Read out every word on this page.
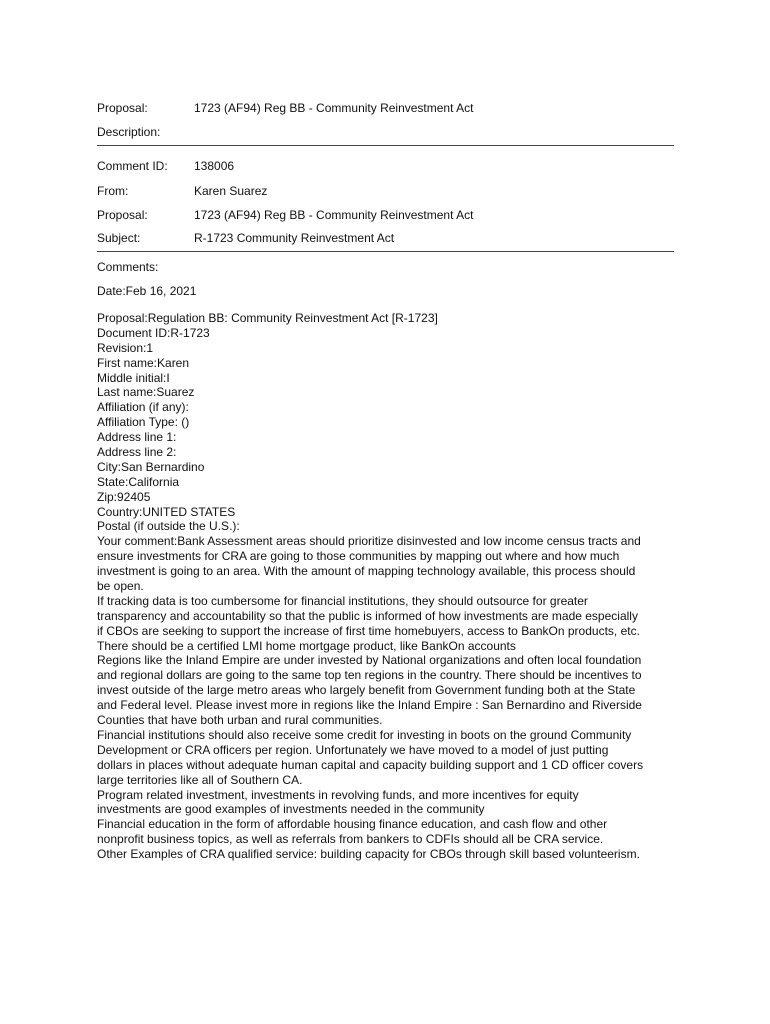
Proposal:	1723 (AF94) Reg BB - Community Reinvestment Act
Description:
Comment ID: 138006
From:	Karen Suarez
Proposal:	1723 (AF94) Reg BB - Community Reinvestment Act
Subject:	R-1723 Community Reinvestment Act
Comments:
Date:Feb 16, 2021
Proposal:Regulation BB: Community Reinvestment Act [R-1723]
Document ID:R-1723
Revision:1
First name:Karen
Middle initial:I
Last name:Suarez
Affiliation (if any):
Affiliation Type: ()
Address line 1:
Address line 2:
City:San Bernardino
State:California
Zip:92405
Country:UNITED STATES
Postal (if outside the U.S.):
Your comment:Bank Assessment areas should prioritize disinvested and low income census tracts and
ensure investments for CRA are going to those communities by mapping out where and how much
investment is going to an area. With the amount of mapping technology available, this process should
be open.
If tracking data is too cumbersome for financial institutions, they should outsource for greater
transparency and accountability so that the public is informed of how investments are made especially
if CBOs are seeking to support the increase of first time homebuyers, access to BankOn products, etc.
There should be a certified LMI home mortgage product, like BankOn accounts
Regions like the Inland Empire are under invested by National organizations and often local foundation
and regional dollars are going to the same top ten regions in the country. There should be incentives to
invest outside of the large metro areas who largely benefit from Government funding both at the State
and Federal level. Please invest more in regions like the Inland Empire : San Bernardino and Riverside
Counties that have both urban and rural communities.
Financial institutions should also receive some credit for investing in boots on the ground Community
Development or CRA officers per region. Unfortunately we have moved to a model of just putting
dollars in places without adequate human capital and capacity building support and 1 CD officer covers
large territories like all of Southern CA.
Program related investment, investments in revolving funds, and more incentives for equity
investments are good examples of investments needed in the community
Financial education in the form of affordable housing finance education, and cash flow and other
nonprofit business topics, as well as referrals from bankers to CDFIs should all be CRA service.
Other Examples of CRA qualified service: building capacity for CBOs through skill based volunteerism.
